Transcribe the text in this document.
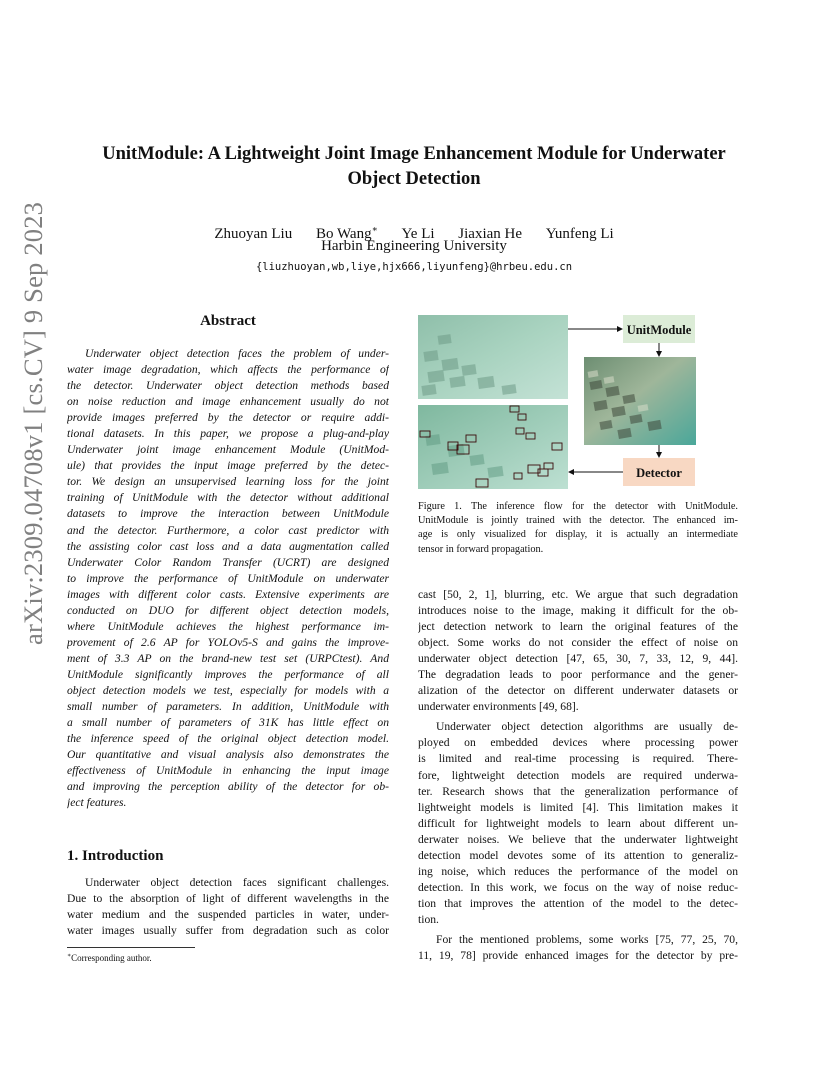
arXiv:2309.04708v1 [cs.CV] 9 Sep 2023
UnitModule: A Lightweight Joint Image Enhancement Module for Underwater
Object Detection
Zhuoyan Liu Bo Wang∗ Ye Li Jiaxian He Yunfeng Li
Harbin Engineering University
{liuzhuoyan,wb,liye,hjx666,liyunfeng}@hrbeu.edu.cn
Abstract
Underwater object detection faces the problem of under-
water image degradation, which affects the performance of
the detector. Underwater object detection methods based
on noise reduction and image enhancement usually do not
provide images preferred by the detector or require addi-
tional datasets. In this paper, we propose a plug-and-play
Underwater joint image enhancement Module (UnitMod-
ule) that provides the input image preferred by the detec-
tor. We design an unsupervised learning loss for the joint
training of UnitModule with the detector without additional
datasets to improve the interaction between UnitModule
and the detector. Furthermore, a color cast predictor with
the assisting color cast loss and a data augmentation called
Underwater Color Random Transfer (UCRT) are designed
to improve the performance of UnitModule on underwater
images with different color casts. Extensive experiments are
conducted on DUO for different object detection models,
where UnitModule achieves the highest performance im-
provement of 2.6 AP for YOLOv5-S and gains the improve-
ment of 3.3 AP on the brand-new test set (URPCtest). And
UnitModule significantly improves the performance of all
object detection models we test, especially for models with a
small number of parameters. In addition, UnitModule with
a small number of parameters of 31K has little effect on
the inference speed of the original object detection model.
Our quantitative and visual analysis also demonstrates the
effectiveness of UnitModule in enhancing the input image
and improving the perception ability of the detector for ob-
ject features.
1. Introduction
Underwater object detection faces significant challenges.
Due to the absorption of light of different wavelengths in the
water medium and the suspended particles in water, under-
water images usually suffer from degradation such as color
∗Corresponding author.
UnitModule
Detector
Figure 1. The inference flow for the detector with UnitModule.
UnitModule is jointly trained with the detector. The enhanced im-
age is only visualized for display, it is actually an intermediate
tensor in forward propagation.
cast [50, 2, 1], blurring, etc. We argue that such degradation
introduces noise to the image, making it difficult for the ob-
ject detection network to learn the original features of the
object. Some works do not consider the effect of noise on
underwater object detection [47, 65, 30, 7, 33, 12, 9, 44].
The degradation leads to poor performance and the gener-
alization of the detector on different underwater datasets or
underwater environments [49, 68].
Underwater object detection algorithms are usually de-
ployed on embedded devices where processing power
is limited and real-time processing is required. There-
fore, lightweight detection models are required underwa-
ter. Research shows that the generalization performance of
lightweight models is limited [4]. This limitation makes it
difficult for lightweight models to learn about different un-
derwater noises. We believe that the underwater lightweight
detection model devotes some of its attention to generaliz-
ing noise, which reduces the performance of the model on
detection. In this work, we focus on the way of noise reduc-
tion that improves the attention of the model to the detec-
tion.
For the mentioned problems, some works [75, 77, 25, 70,
11, 19, 78] provide enhanced images for the detector by pre-
